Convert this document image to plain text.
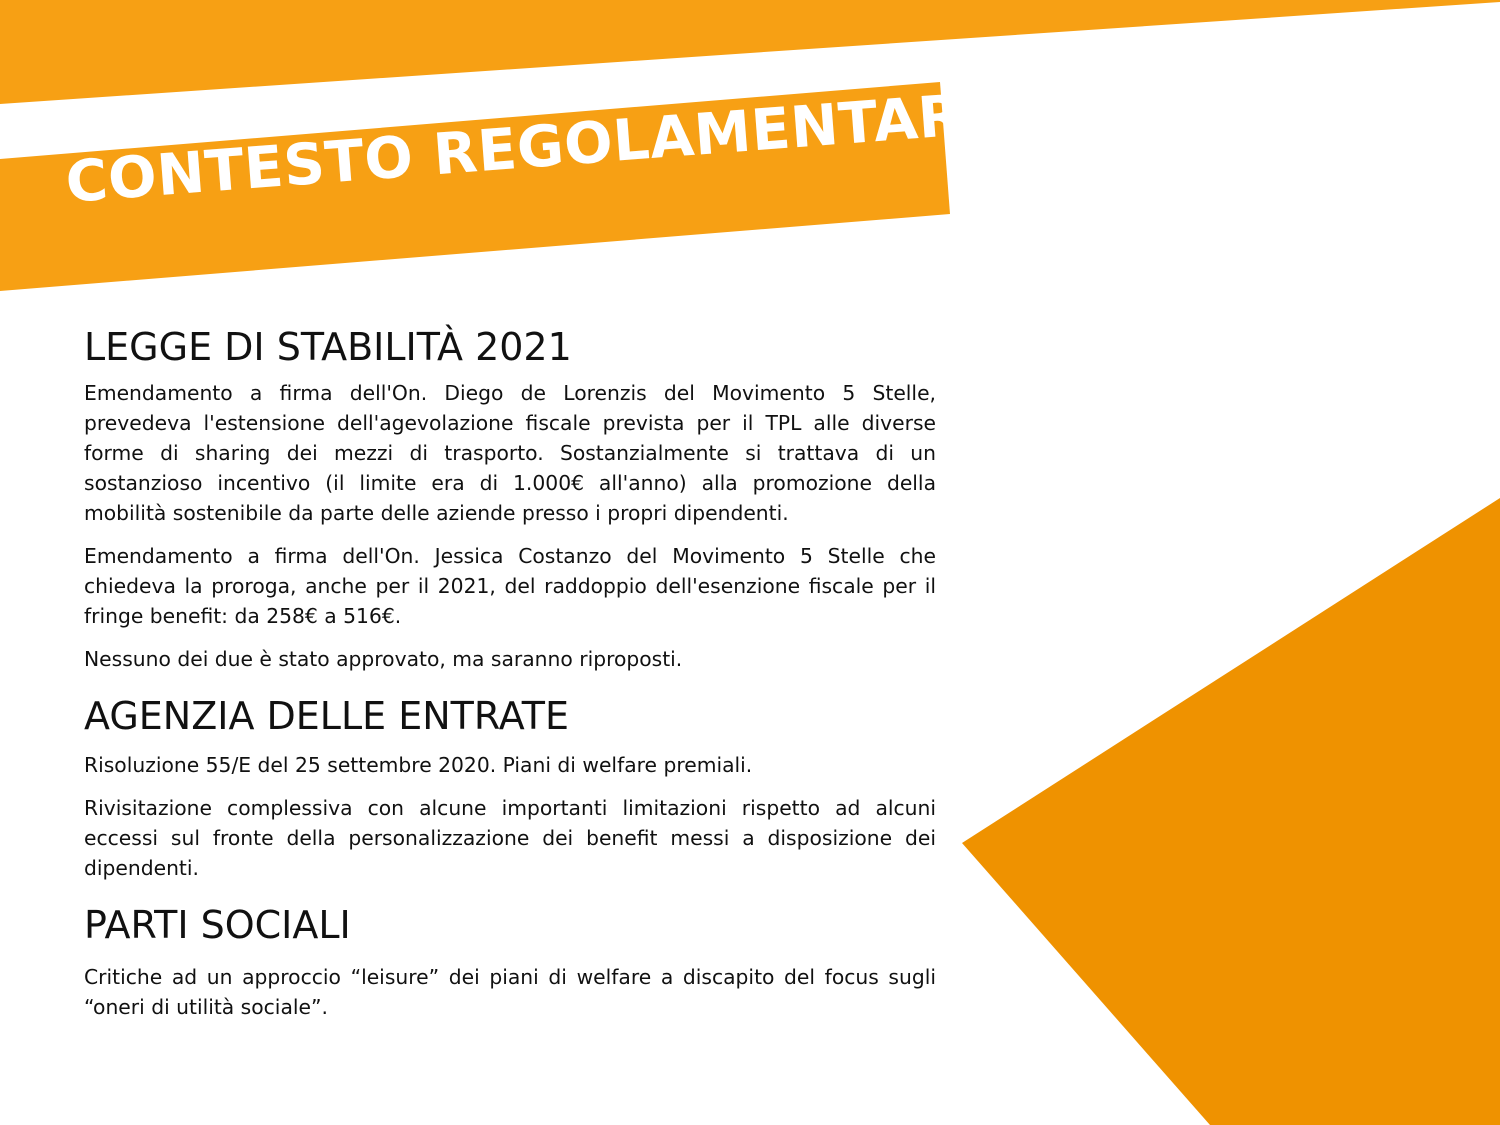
CONTESTO REGOLAMENTARE
LEGGE DI STABILITÀ 2021

Emendamento a firma dell'On. Diego de Lorenzis del Movimento 5 Stelle, prevedeva l'estensione dell'agevolazione fiscale prevista per il TPL alle diverse forme di sharing dei mezzi di trasporto. Sostanzialmente si trattava di un sostanzioso incentivo (il limite era di 1.000€ all'anno) alla promozione della mobilità sostenibile da parte delle aziende presso i propri dipendenti.

Emendamento a firma dell'On. Jessica Costanzo del Movimento 5 Stelle che chiedeva la proroga, anche per il 2021, del raddoppio dell'esenzione fiscale per il fringe benefit: da 258€ a 516€.

Nessuno dei due è stato approvato, ma saranno riproposti.

AGENZIA DELLE ENTRATE

Risoluzione 55/E del 25 settembre 2020. Piani di welfare premiali.

Rivisitazione complessiva con alcune importanti limitazioni rispetto ad alcuni eccessi sul fronte della personalizzazione dei benefit messi a disposizione dei dipendenti.

PARTI SOCIALI

Critiche ad un approccio “leisure” dei piani di welfare a discapito del focus sugli “oneri di utilità sociale”.
